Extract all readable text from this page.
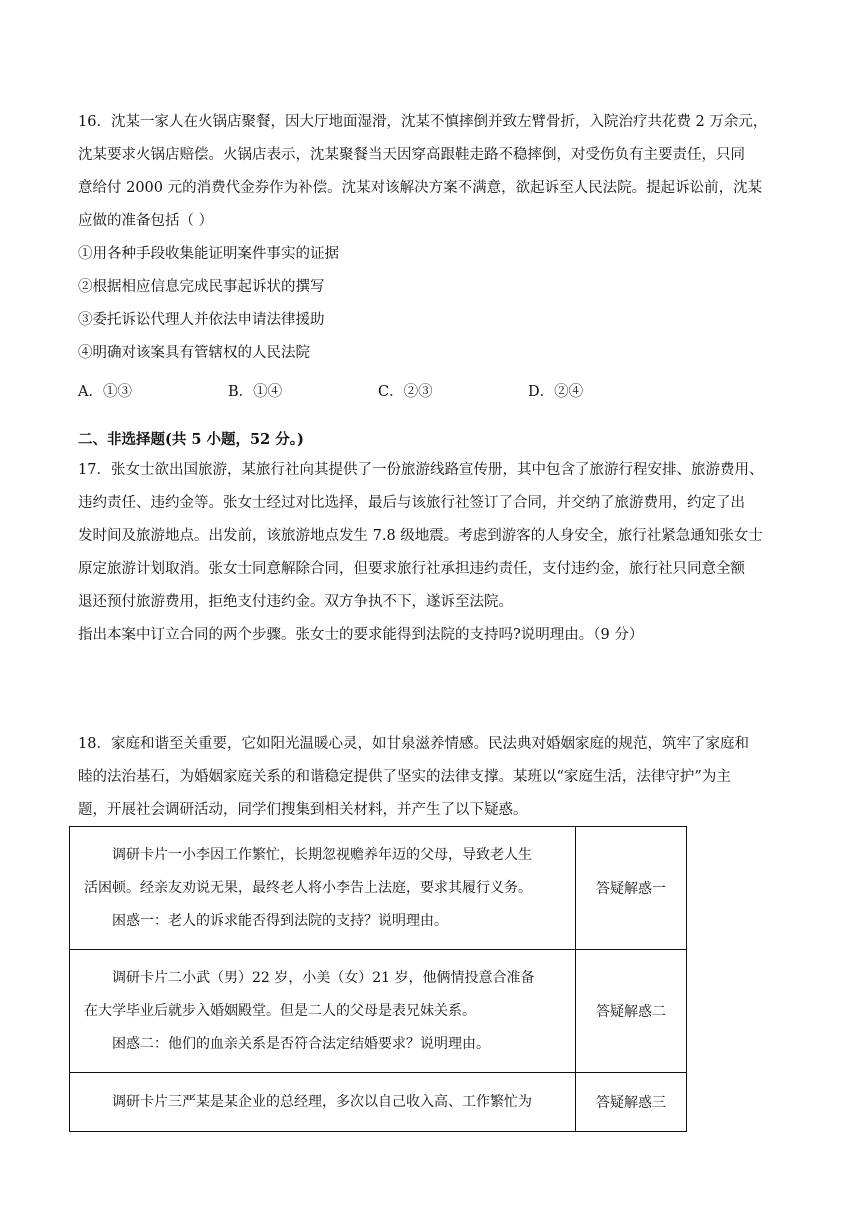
16．沈某一家人在火锅店聚餐，因大厅地面湿滑，沈某不慎摔倒并致左臂骨折，入院治疗共花费 2 万余元，
沈某要求火锅店赔偿。火锅店表示，沈某聚餐当天因穿高跟鞋走路不稳摔倒，对受伤负有主要责任，只同
意给付 2000 元的消费代金券作为补偿。沈某对该解决方案不满意，欲起诉至人民法院。提起诉讼前，沈某
应做的准备包括（ ）
①用各种手段收集能证明案件事实的证据
②根据相应信息完成民事起诉状的撰写
③委托诉讼代理人并依法申请法律援助
④明确对该案具有管辖权的人民法院
A．①③	B．①④	C．②③	D．②④
二、非选择题(共 5 小题，52 分。)
17．张女士欲出国旅游，某旅行社向其提供了一份旅游线路宣传册，其中包含了旅游行程安排、旅游费用、
违约责任、违约金等。张女士经过对比选择，最后与该旅行社签订了合同，并交纳了旅游费用，约定了出
发时间及旅游地点。出发前，该旅游地点发生 7.8 级地震。考虑到游客的人身安全，旅行社紧急通知张女士
原定旅游计划取消。张女士同意解除合同，但要求旅行社承担违约责任，支付违约金，旅行社只同意全额
退还预付旅游费用，拒绝支付违约金。双方争执不下，遂诉至法院。
指出本案中订立合同的两个步骤。张女士的要求能得到法院的支持吗?说明理由。（9 分）
18．家庭和谐至关重要，它如阳光温暖心灵，如甘泉滋养情感。民法典对婚姻家庭的规范，筑牢了家庭和
睦的法治基石，为婚姻家庭关系的和谐稳定提供了坚实的法律支撑。某班以“家庭生活，法律守护”为主
题，开展社会调研活动，同学们搜集到相关材料，并产生了以下疑惑。
调研卡片一小李因工作繁忙，长期忽视赡养年迈的父母，导致老人生
活困顿。经亲友劝说无果，最终老人将小李告上法庭，要求其履行义务。
困惑一：老人的诉求能否得到法院的支持？说明理由。	答疑解惑一

调研卡片二小武（男）22 岁，小美（女）21 岁，他俩情投意合准备
在大学毕业后就步入婚姻殿堂。但是二人的父母是表兄妹关系。
困惑二：他们的血亲关系是否符合法定结婚要求？说明理由。	答疑解惑二

调研卡片三严某是某企业的总经理，多次以自己收入高、工作繁忙为	答疑解惑三
